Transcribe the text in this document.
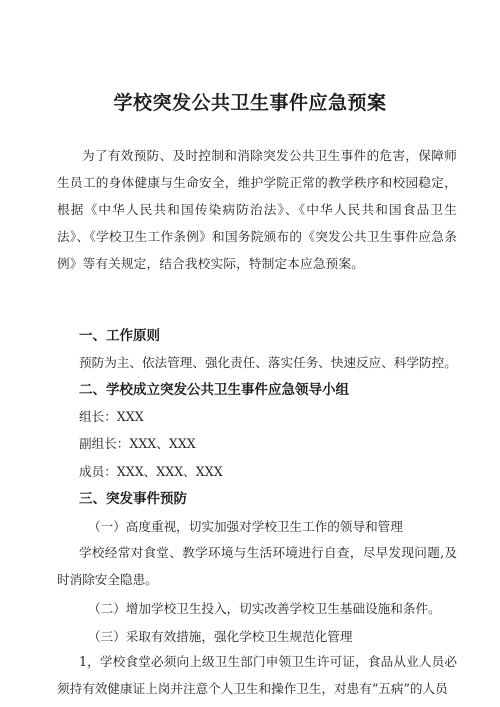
学校突发公共卫生事件应急预案
为了有效预防、及时控制和消除突发公共卫生事件的危害，保障师生员工的身体健康与生命安全，维护学院正常的教学秩序和校园稳定，根据《中华人民共和国传染病防治法》、《中华人民共和国食品卫生法》、《学校卫生工作条例》和国务院颁布的《突发公共卫生事件应急条例》等有关规定，结合我校实际，特制定本应急预案。
一、工作原则
预防为主、依法管理、强化责任、落实任务、快速反应、科学防控。
二、学校成立突发公共卫生事件应急领导小组
组长：XXX
副组长：XXX、XXX
成员：XXX、XXX、XXX
三、突发事件预防
（一）高度重视，切实加强对学校卫生工作的领导和管理
学校经常对食堂、教学环境与生活环境进行自查，尽早发现问题,及时消除安全隐患。
（二）增加学校卫生投入，切实改善学校卫生基础设施和条件。
（三）采取有效措施，强化学校卫生规范化管理
1，学校食堂必须向上级卫生部门申领卫生许可证，食品从业人员必须持有效健康证上岗并注意个人卫生和操作卫生，对患有“五病”的人员
